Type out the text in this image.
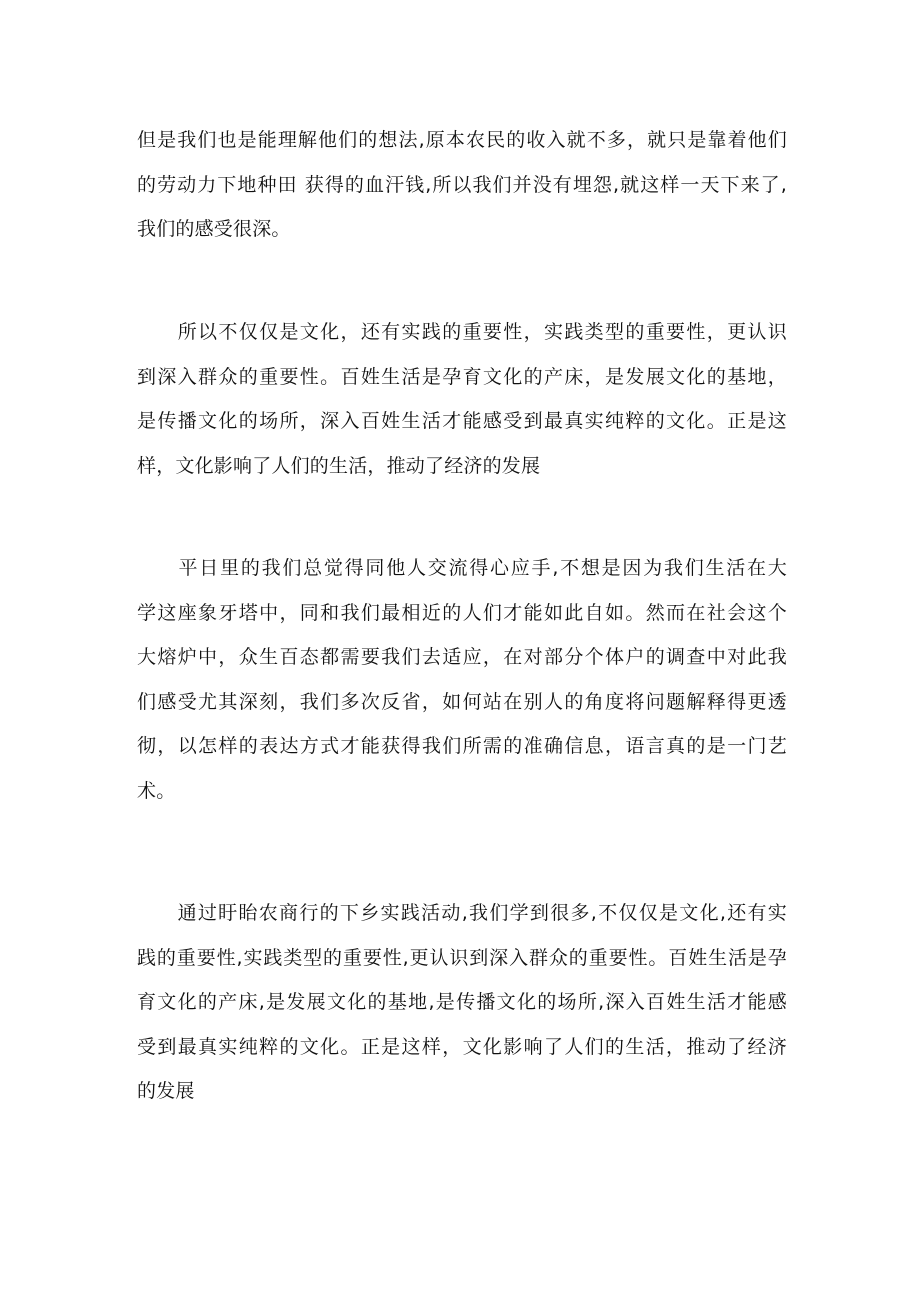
但是我们也是能理解他们的想法,原本农民的收入就不多，就只是靠着他们
的劳动力下地种田 获得的血汗钱,所以我们并没有埋怨,就这样一天下来了,
我们的感受很深。

　　所以不仅仅是文化，还有实践的重要性，实践类型的重要性，更认识
到深入群众的重要性。百姓生活是孕育文化的产床，是发展文化的基地，
是传播文化的场所，深入百姓生活才能感受到最真实纯粹的文化。正是这
样，文化影响了人们的生活，推动了经济的发展

　　平日里的我们总觉得同他人交流得心应手,不想是因为我们生活在大
学这座象牙塔中，同和我们最相近的人们才能如此自如。然而在社会这个
大熔炉中，众生百态都需要我们去适应，在对部分个体户的调查中对此我
们感受尤其深刻，我们多次反省，如何站在别人的角度将问题解释得更透
彻，以怎样的表达方式才能获得我们所需的准确信息，语言真的是一门艺
术。

　　通过盱眙农商行的下乡实践活动,我们学到很多,不仅仅是文化,还有实
践的重要性,实践类型的重要性,更认识到深入群众的重要性。百姓生活是孕
育文化的产床,是发展文化的基地,是传播文化的场所,深入百姓生活才能感
受到最真实纯粹的文化。正是这样，文化影响了人们的生活，推动了经济
的发展
